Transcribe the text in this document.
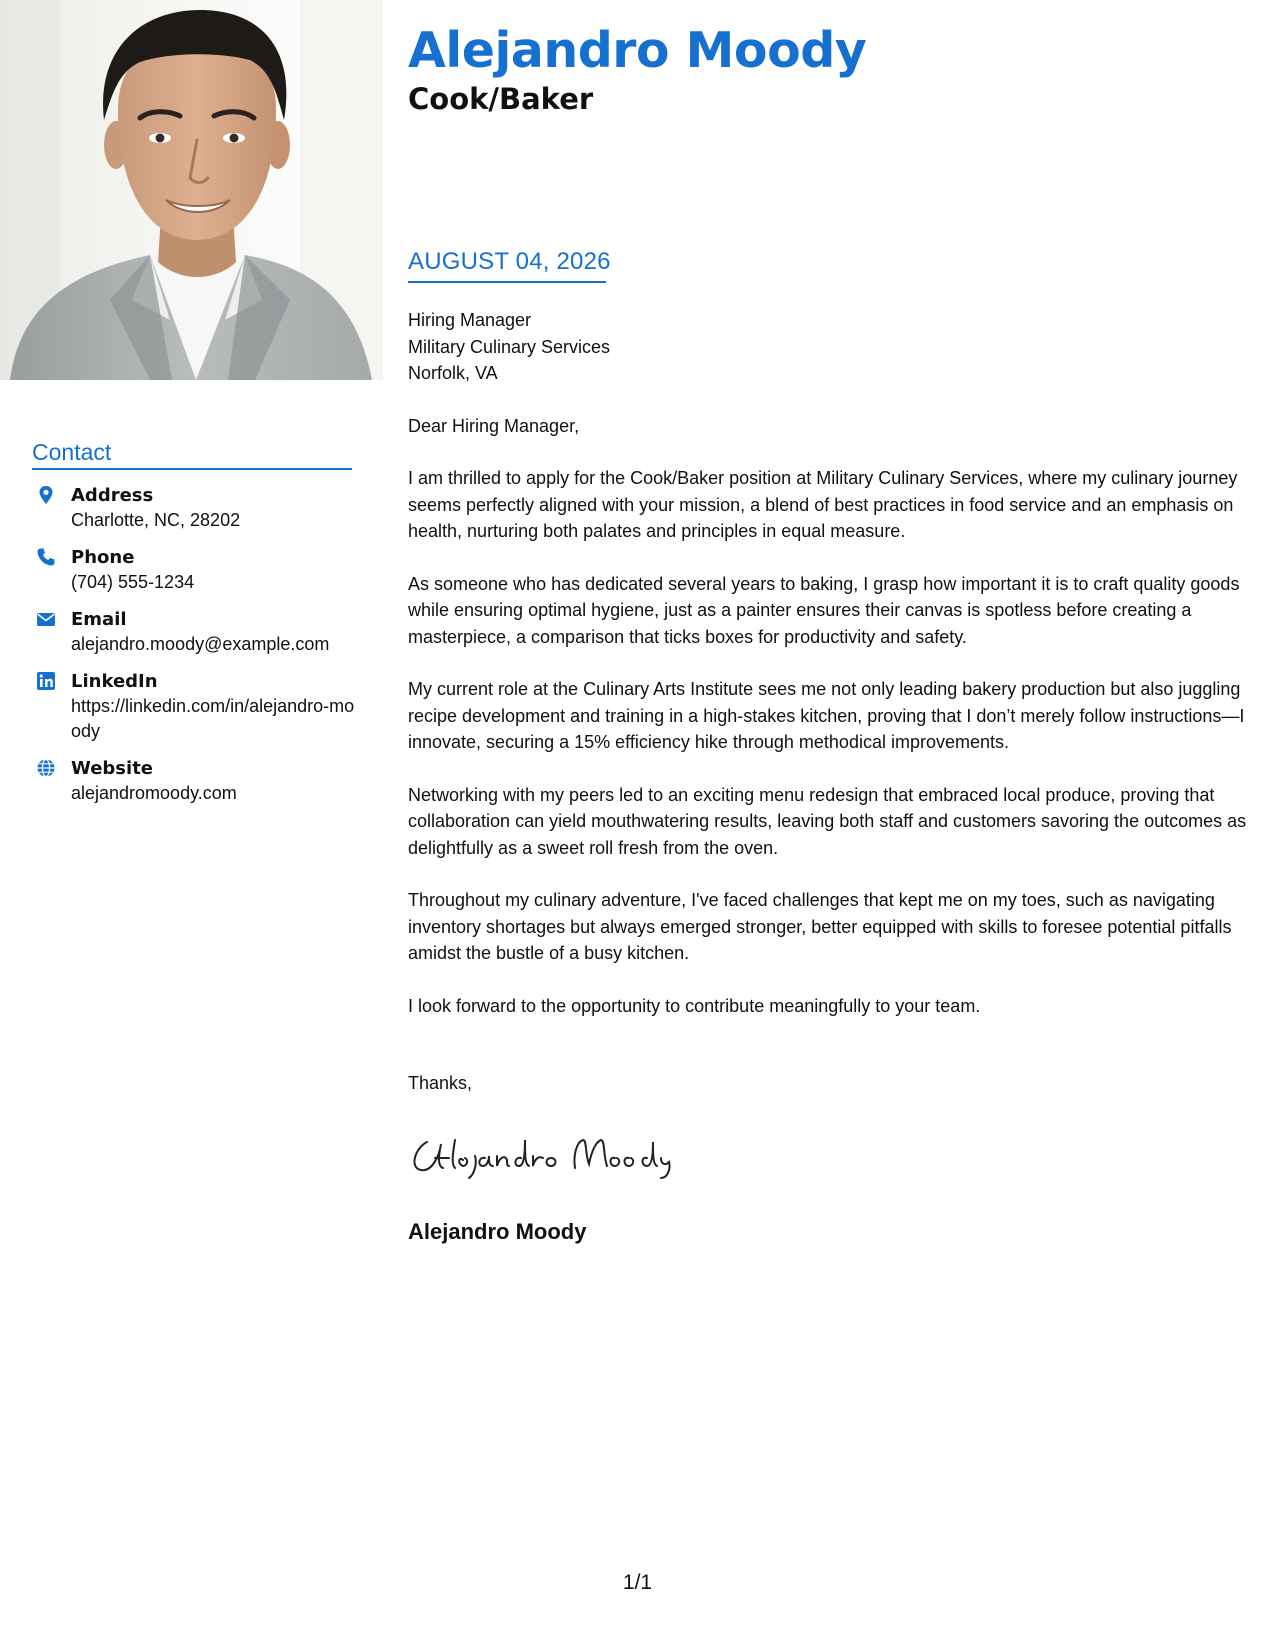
Alejandro Moody
Cook/Baker
AUGUST 04, 2026
Hiring Manager
Military Culinary Services
Norfolk, VA

Dear Hiring Manager,

I am thrilled to apply for the Cook/Baker position at Military Culinary Services, where my culinary journey seems perfectly aligned with your mission, a blend of best practices in food service and an emphasis on health, nurturing both palates and principles in equal measure.

As someone who has dedicated several years to baking, I grasp how important it is to craft quality goods while ensuring optimal hygiene, just as a painter ensures their canvas is spotless before creating a masterpiece, a comparison that ticks boxes for productivity and safety.

My current role at the Culinary Arts Institute sees me not only leading bakery production but also juggling recipe development and training in a high-stakes kitchen, proving that I don’t merely follow instructions—I innovate, securing a 15% efficiency hike through methodical improvements.

Networking with my peers led to an exciting menu redesign that embraced local produce, proving that collaboration can yield mouthwatering results, leaving both staff and customers savoring the outcomes as delightfully as a sweet roll fresh from the oven.

Throughout my culinary adventure, I've faced challenges that kept me on my toes, such as navigating inventory shortages but always emerged stronger, better equipped with skills to foresee potential pitfalls amidst the bustle of a busy kitchen.

I look forward to the opportunity to contribute meaningfully to your team.

Thanks,

Alejandro Moody
Contact
Address
Charlotte, NC, 28202
Phone
(704) 555-1234
Email
alejandro.moody@example.com
LinkedIn
https://linkedin.com/in/alejandro-moody
Website
alejandromoody.com
1/1
